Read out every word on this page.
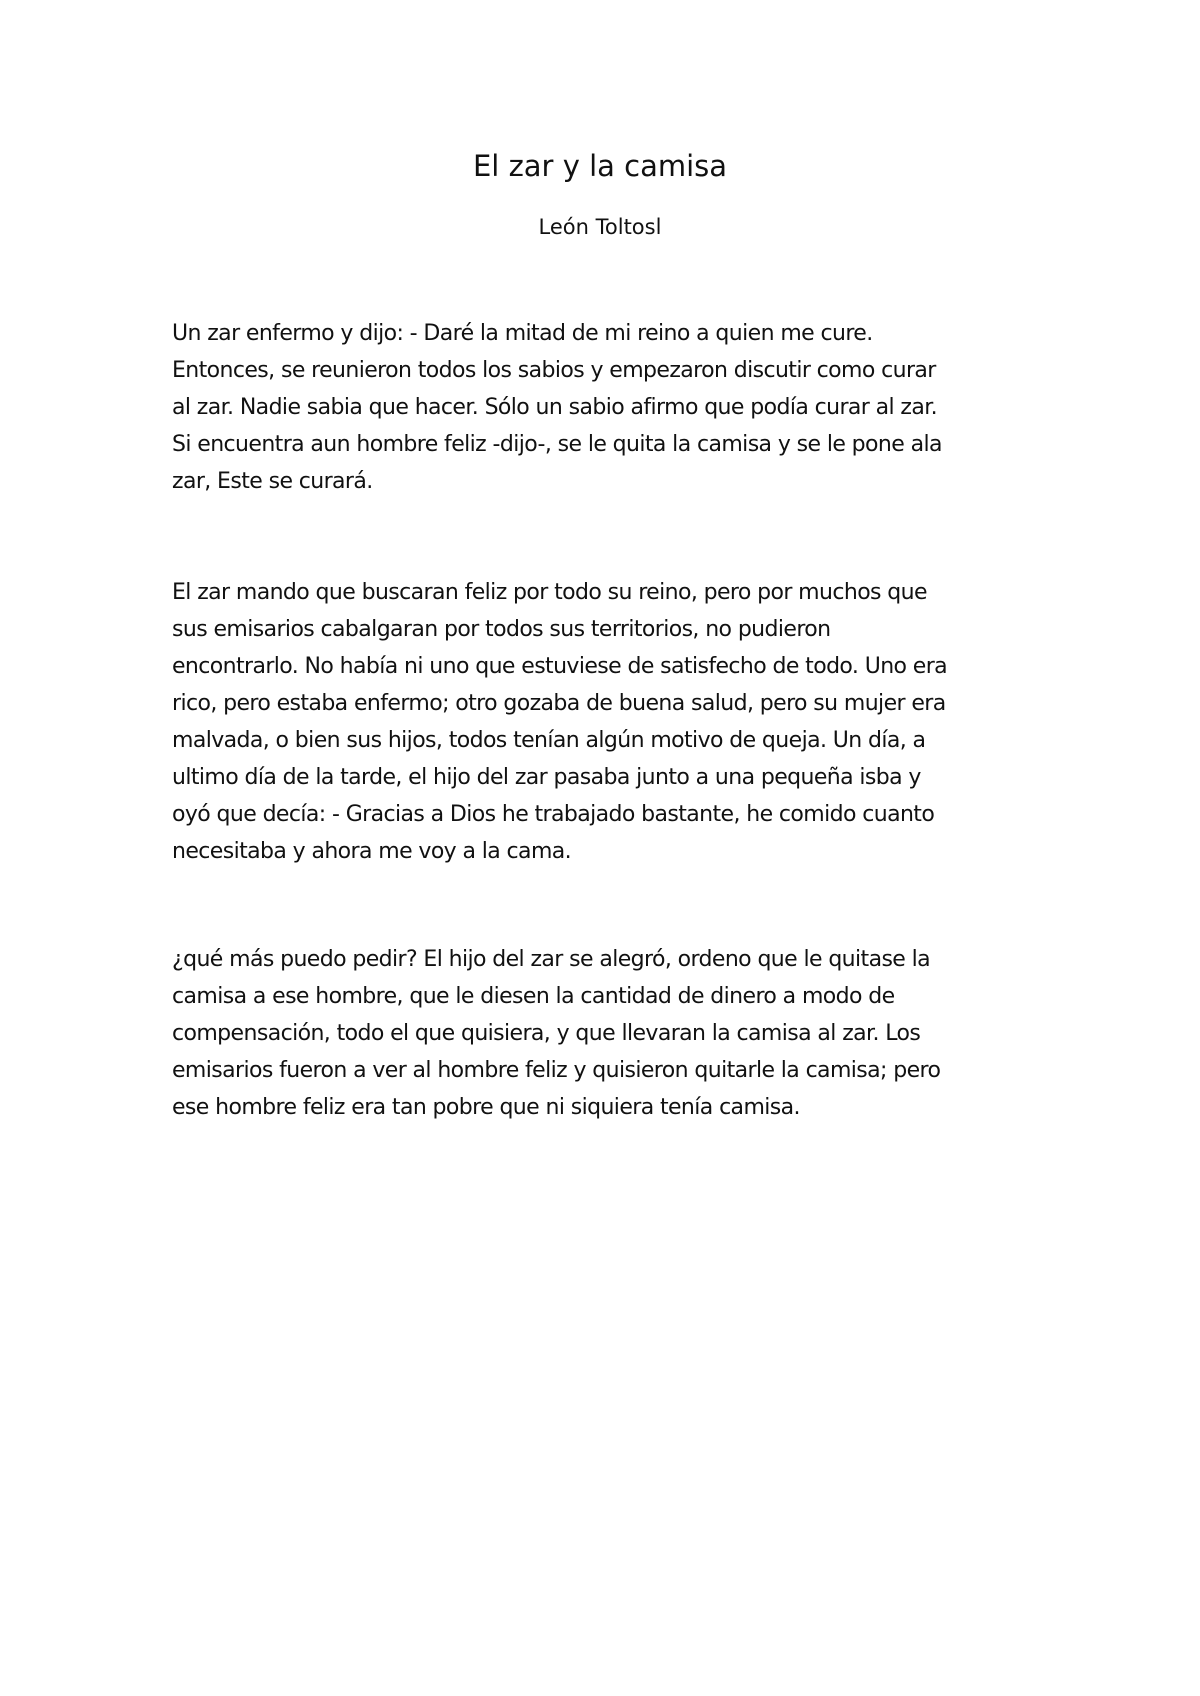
El zar y la camisa
León Toltosl

Un zar enfermo y dijo: - Daré la mitad de mi reino a quien me cure.
Entonces, se reunieron todos los sabios y empezaron discutir como curar
al zar. Nadie sabia que hacer. Sólo un sabio afirmo que podía curar al zar.
Si encuentra aun hombre feliz -dijo-, se le quita la camisa y se le pone ala
zar, Este se curará.

El zar mando que buscaran feliz por todo su reino, pero por muchos que
sus emisarios cabalgaran por todos sus territorios, no pudieron
encontrarlo. No había ni uno que estuviese de satisfecho de todo. Uno era
rico, pero estaba enfermo; otro gozaba de buena salud, pero su mujer era
malvada, o bien sus hijos, todos tenían algún motivo de queja. Un día, a
ultimo día de la tarde, el hijo del zar pasaba junto a una pequeña isba y
oyó que decía: - Gracias a Dios he trabajado bastante, he comido cuanto
necesitaba y ahora me voy a la cama.

¿qué más puedo pedir? El hijo del zar se alegró, ordeno que le quitase la
camisa a ese hombre, que le diesen la cantidad de dinero a modo de
compensación, todo el que quisiera, y que llevaran la camisa al zar. Los
emisarios fueron a ver al hombre feliz y quisieron quitarle la camisa; pero
ese hombre feliz era tan pobre que ni siquiera tenía camisa.
